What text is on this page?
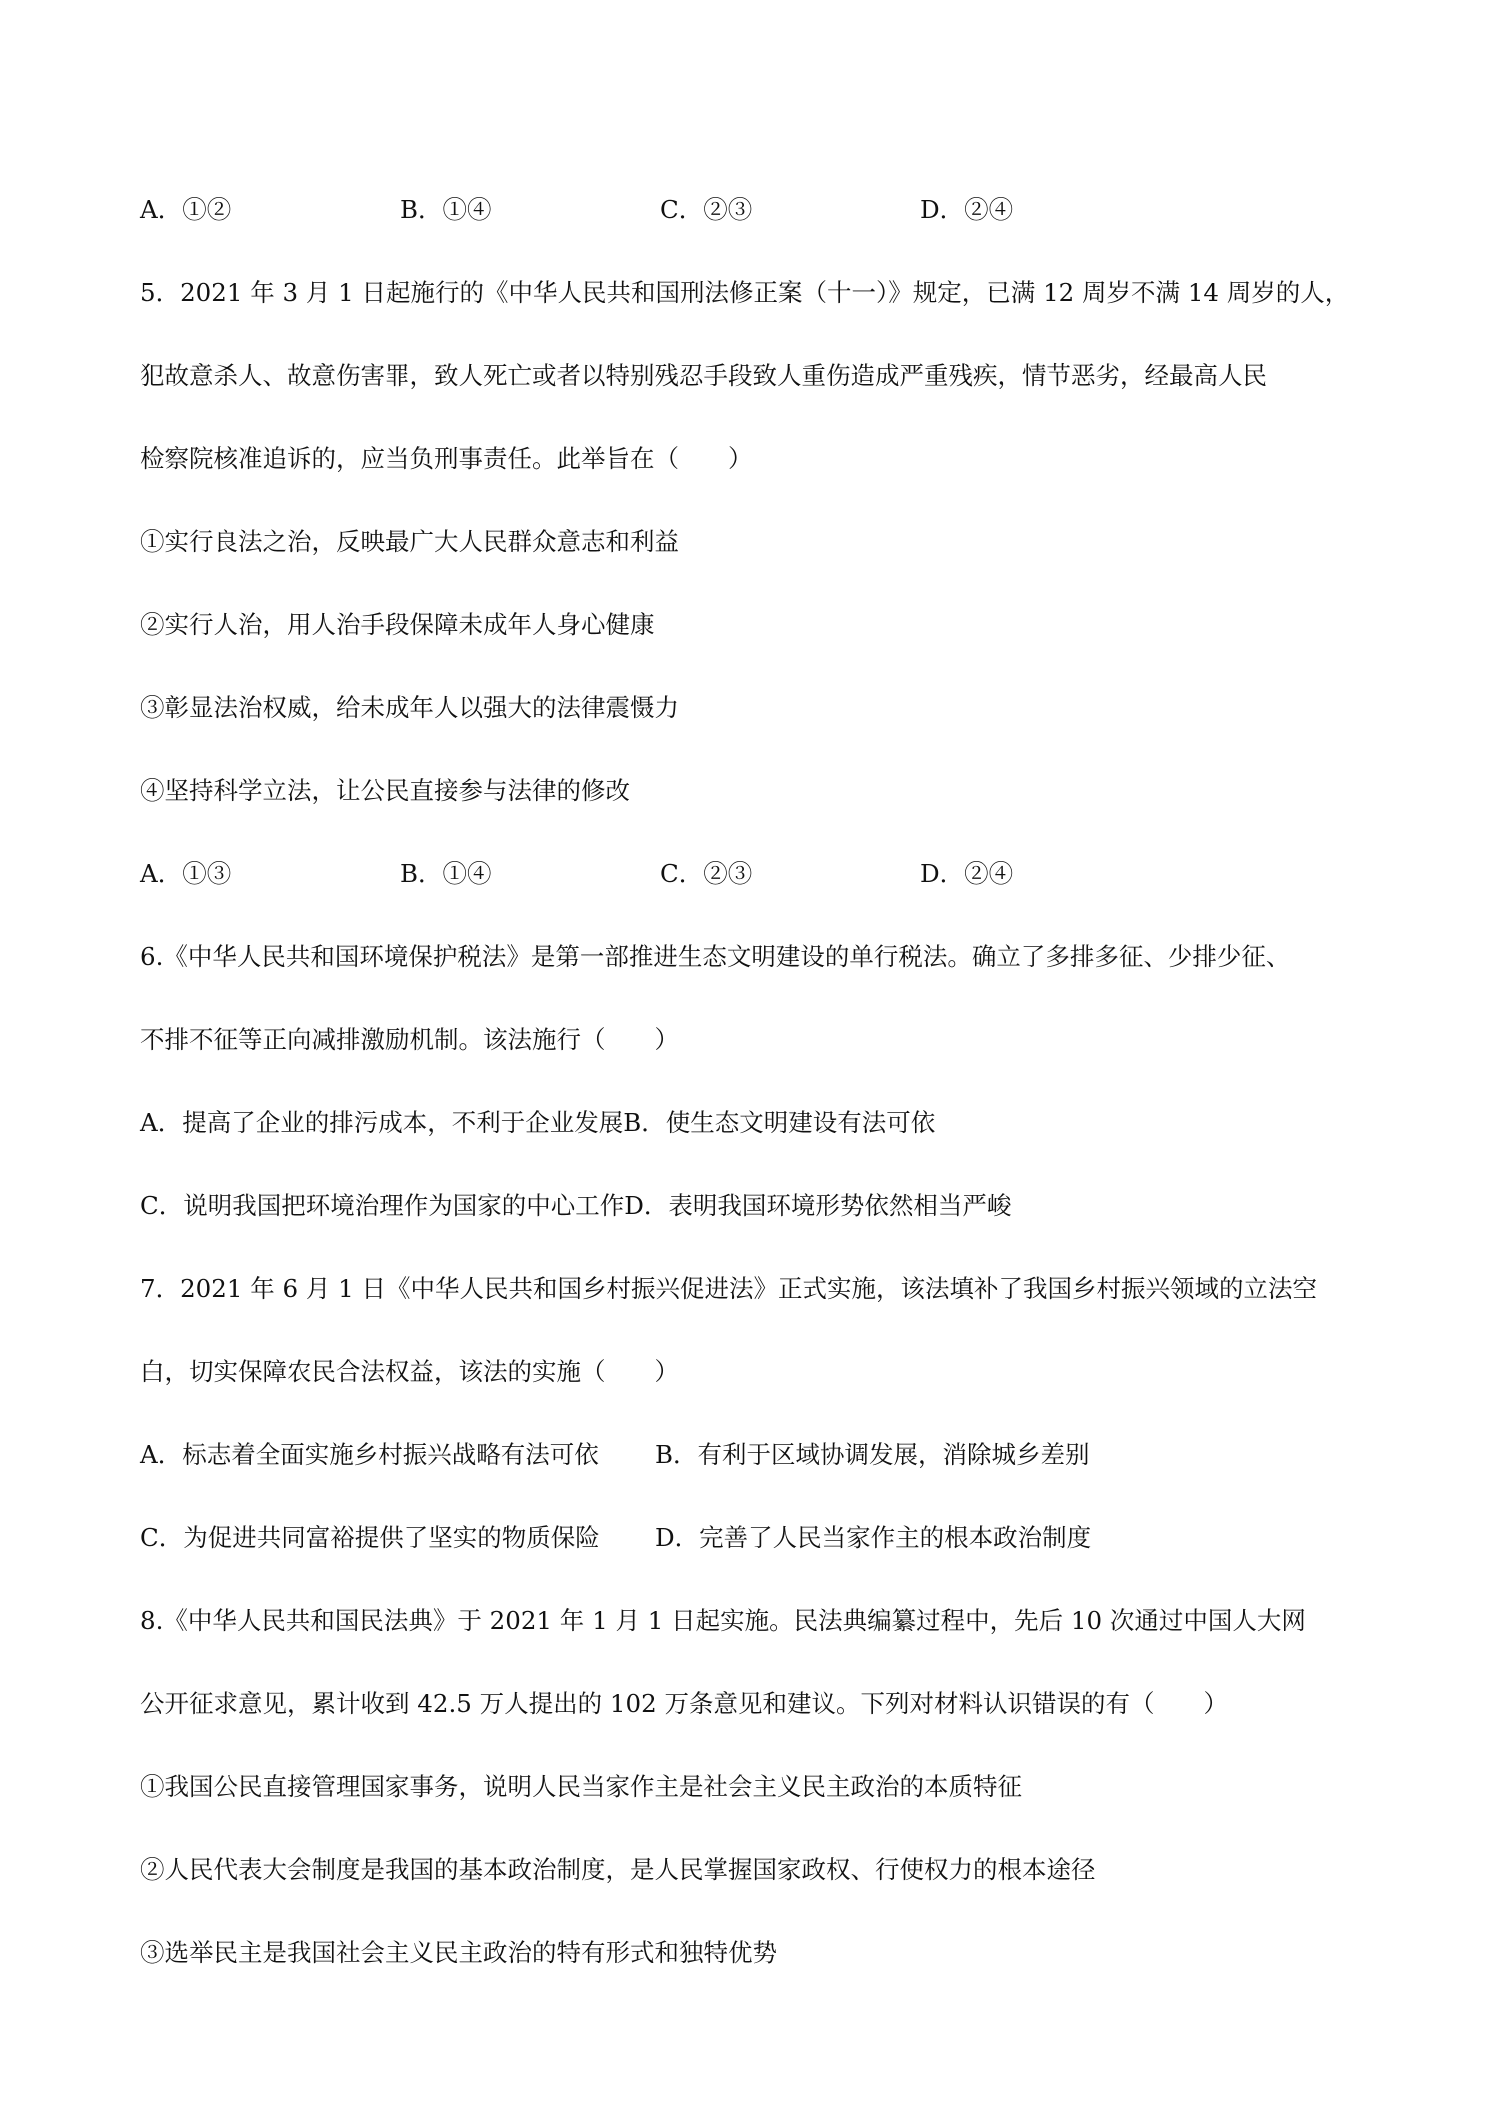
A．①②	B．①④	C．②③	D．②④
5．2021 年 3 月 1 日起施行的《中华人民共和国刑法修正案（十一）》规定，已满 12 周岁不满 14 周岁的人，
犯故意杀人、故意伤害罪，致人死亡或者以特别残忍手段致人重伤造成严重残疾，情节恶劣，经最高人民
检察院核准追诉的，应当负刑事责任。此举旨在（　　）
①实行良法之治，反映最广大人民群众意志和利益
②实行人治，用人治手段保障未成年人身心健康
③彰显法治权威，给未成年人以强大的法律震慑力
④坚持科学立法，让公民直接参与法律的修改
A．①③	B．①④	C．②③	D．②④
6.《中华人民共和国环境保护税法》是第一部推进生态文明建设的单行税法。确立了多排多征、少排少征、
不排不征等正向减排激励机制。该法施行（　　）
A．提高了企业的排污成本，不利于企业发展B．使生态文明建设有法可依
C．说明我国把环境治理作为国家的中心工作D．表明我国环境形势依然相当严峻
7．2021 年 6 月 1 日《中华人民共和国乡村振兴促进法》正式实施，该法填补了我国乡村振兴领域的立法空
白，切实保障农民合法权益，该法的实施（　　）
A．标志着全面实施乡村振兴战略有法可依	B．有利于区域协调发展，消除城乡差别
C．为促进共同富裕提供了坚实的物质保险	D．完善了人民当家作主的根本政治制度
8.《中华人民共和国民法典》于 2021 年 1 月 1 日起实施。民法典编纂过程中，先后 10 次通过中国人大网
公开征求意见，累计收到 42.5 万人提出的 102 万条意见和建议。下列对材料认识错误的有（　　）
①我国公民直接管理国家事务，说明人民当家作主是社会主义民主政治的本质特征
②人民代表大会制度是我国的基本政治制度，是人民掌握国家政权、行使权力的根本途径
③选举民主是我国社会主义民主政治的特有形式和独特优势
